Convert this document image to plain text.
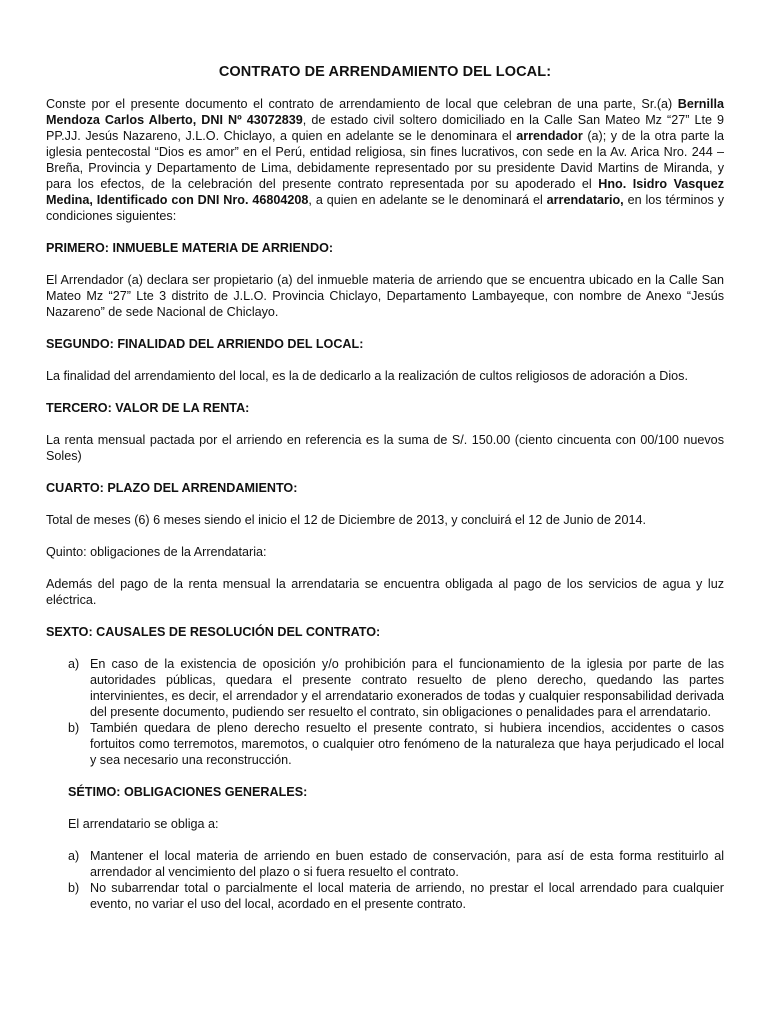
CONTRATO DE ARRENDAMIENTO DEL LOCAL:

Conste por el presente documento el contrato de arrendamiento de local que celebran de una parte, Sr.(a) Bernilla Mendoza Carlos Alberto, DNI Nº 43072839, de estado civil soltero domiciliado en la Calle San Mateo Mz “27” Lte 9 PP.JJ. Jesús Nazareno, J.L.O. Chiclayo, a quien en adelante se le denominara el arrendador (a); y de la otra parte la iglesia pentecostal “Dios es amor” en el Perú, entidad religiosa, sin fines lucrativos, con sede en la Av. Arica Nro. 244 – Breña, Provincia y Departamento de Lima, debidamente representado por su presidente David Martins de Miranda, y para los efectos, de la celebración del presente contrato representada por su apoderado el Hno. Isidro Vasquez Medina, Identificado con DNI Nro. 46804208, a quien en adelante se le denominará el arrendatario, en los términos y condiciones siguientes:

PRIMERO: INMUEBLE MATERIA DE ARRIENDO:

El Arrendador (a) declara ser propietario (a) del inmueble materia de arriendo que se encuentra ubicado en la Calle San Mateo Mz “27” Lte 3 distrito de J.L.O. Provincia Chiclayo, Departamento Lambayeque, con nombre de Anexo “Jesús Nazareno” de sede Nacional de Chiclayo.

SEGUNDO: FINALIDAD DEL ARRIENDO DEL LOCAL:

La finalidad del arrendamiento del local, es la de dedicarlo a la realización de cultos religiosos de adoración a Dios.

TERCERO: VALOR DE LA RENTA:

La renta mensual pactada por el arriendo en referencia es la suma de S/. 150.00 (ciento cincuenta con 00/100 nuevos Soles)

CUARTO: PLAZO DEL ARRENDAMIENTO:

Total de meses (6) 6 meses siendo el inicio el 12 de Diciembre de 2013, y concluirá el 12 de Junio de 2014.

Quinto: obligaciones de la Arrendataria:

Además del pago de la renta mensual la arrendataria se encuentra obligada al pago de los servicios de agua y luz eléctrica.

SEXTO: CAUSALES DE RESOLUCIÓN DEL CONTRATO:

a) En caso de la existencia de oposición y/o prohibición para el funcionamiento de la iglesia por parte de las autoridades públicas, quedara el presente contrato resuelto de pleno derecho, quedando las partes intervinientes, es decir, el arrendador y el arrendatario exonerados de todas y cualquier responsabilidad derivada del presente documento, pudiendo ser resuelto el contrato, sin obligaciones o penalidades para el arrendatario.
b) También quedara de pleno derecho resuelto el presente contrato, si hubiera incendios, accidentes o casos fortuitos como terremotos, maremotos, o cualquier otro fenómeno de la naturaleza que haya perjudicado el local y sea necesario una reconstrucción.

SÉTIMO: OBLIGACIONES GENERALES:

El arrendatario se obliga a:

a) Mantener el local materia de arriendo en buen estado de conservación, para así de esta forma restituirlo al arrendador al vencimiento del plazo o si fuera resuelto el contrato.
b) No subarrendar total o parcialmente el local materia de arriendo, no prestar el local arrendado para cualquier evento, no variar el uso del local, acordado en el presente contrato.
